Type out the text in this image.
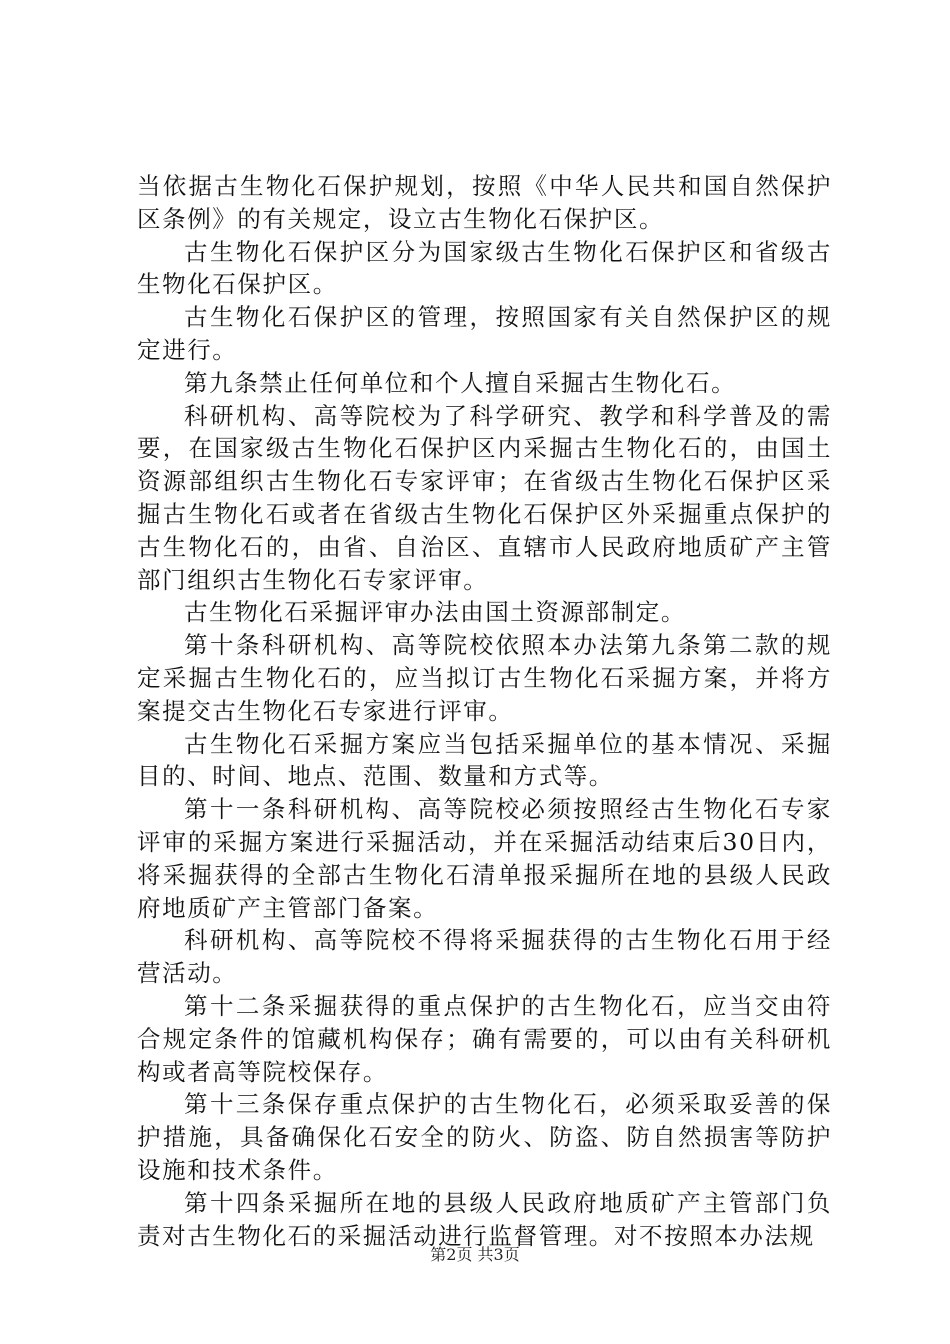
当依据古生物化石保护规划，按照《中华人民共和国自然保护区条例》的有关规定，设立古生物化石保护区。

古生物化石保护区分为国家级古生物化石保护区和省级古生物化石保护区。

古生物化石保护区的管理，按照国家有关自然保护区的规定进行。

第九条禁止任何单位和个人擅自采掘古生物化石。

科研机构、高等院校为了科学研究、教学和科学普及的需要，在国家级古生物化石保护区内采掘古生物化石的，由国土资源部组织古生物化石专家评审；在省级古生物化石保护区采掘古生物化石或者在省级古生物化石保护区外采掘重点保护的古生物化石的，由省、自治区、直辖市人民政府地质矿产主管部门组织古生物化石专家评审。

古生物化石采掘评审办法由国土资源部制定。

第十条科研机构、高等院校依照本办法第九条第二款的规定采掘古生物化石的，应当拟订古生物化石采掘方案，并将方案提交古生物化石专家进行评审。

古生物化石采掘方案应当包括采掘单位的基本情况、采掘目的、时间、地点、范围、数量和方式等。

第十一条科研机构、高等院校必须按照经古生物化石专家评审的采掘方案进行采掘活动，并在采掘活动结束后30日内，将采掘获得的全部古生物化石清单报采掘所在地的县级人民政府地质矿产主管部门备案。

科研机构、高等院校不得将采掘获得的古生物化石用于经营活动。

第十二条采掘获得的重点保护的古生物化石，应当交由符合规定条件的馆藏机构保存；确有需要的，可以由有关科研机构或者高等院校保存。

第十三条保存重点保护的古生物化石，必须采取妥善的保护措施，具备确保化石安全的防火、防盗、防自然损害等防护设施和技术条件。

第十四条采掘所在地的县级人民政府地质矿产主管部门负责对古生物化石的采掘活动进行监督管理。对不按照本办法规

第2页 共3页
